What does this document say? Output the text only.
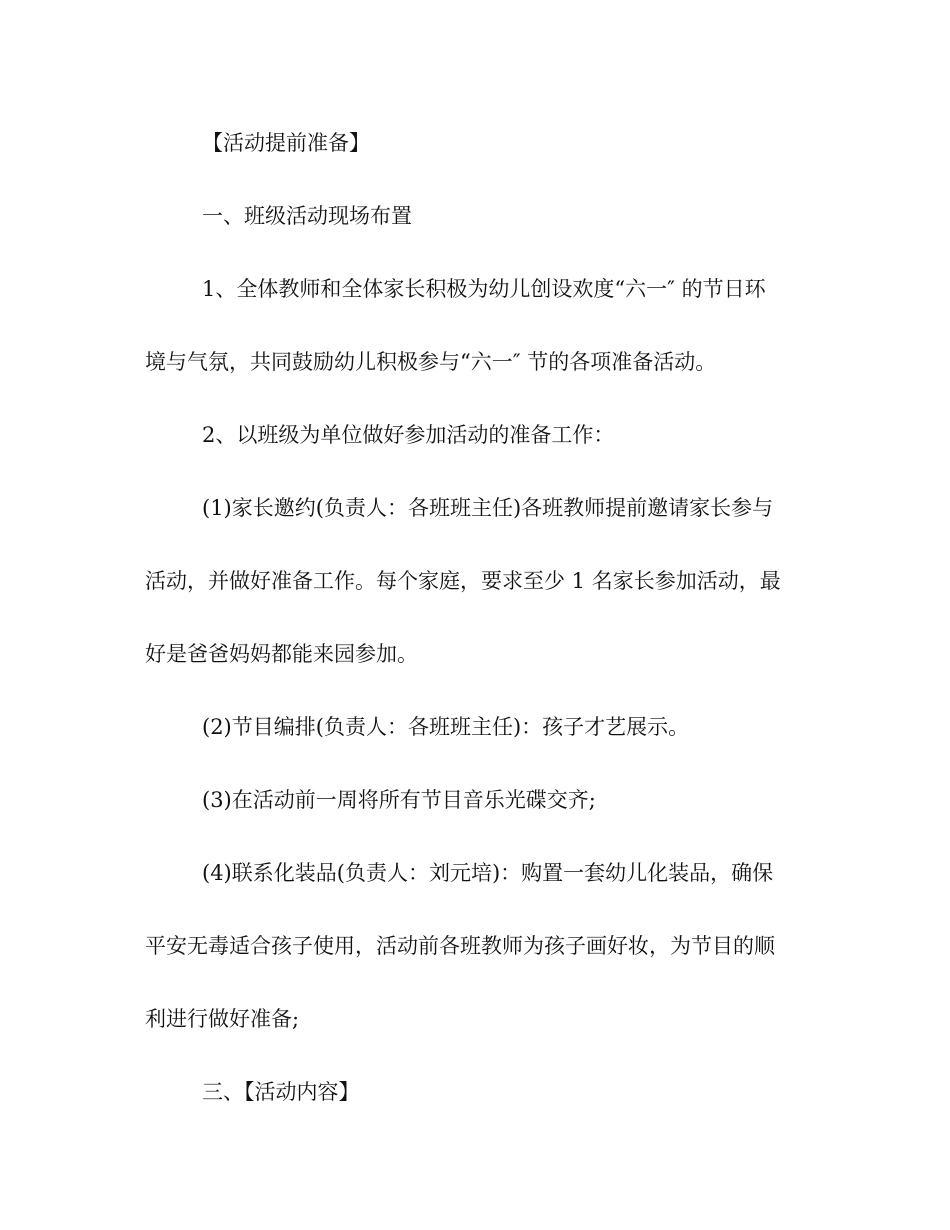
【活动提前准备】
一、班级活动现场布置
1、全体教师和全体家长积极为幼儿创设欢度“六一″ 的节日环
境与气氛，共同鼓励幼儿积极参与“六一″ 节的各项准备活动。
2、以班级为单位做好参加活动的准备工作：
(1)家长邀约(负责人：各班班主任)各班教师提前邀请家长参与
活动，并做好准备工作。每个家庭，要求至少 1 名家长参加活动，最
好是爸爸妈妈都能来园参加。
(2)节目编排(负责人：各班班主任)：孩子才艺展示。
(3)在活动前一周将所有节目音乐光碟交齐;
(4)联系化装品(负责人：刘元培)：购置一套幼儿化装品，确保
平安无毒适合孩子使用，活动前各班教师为孩子画好妆，为节目的顺
利进行做好准备;
三、【活动内容】
